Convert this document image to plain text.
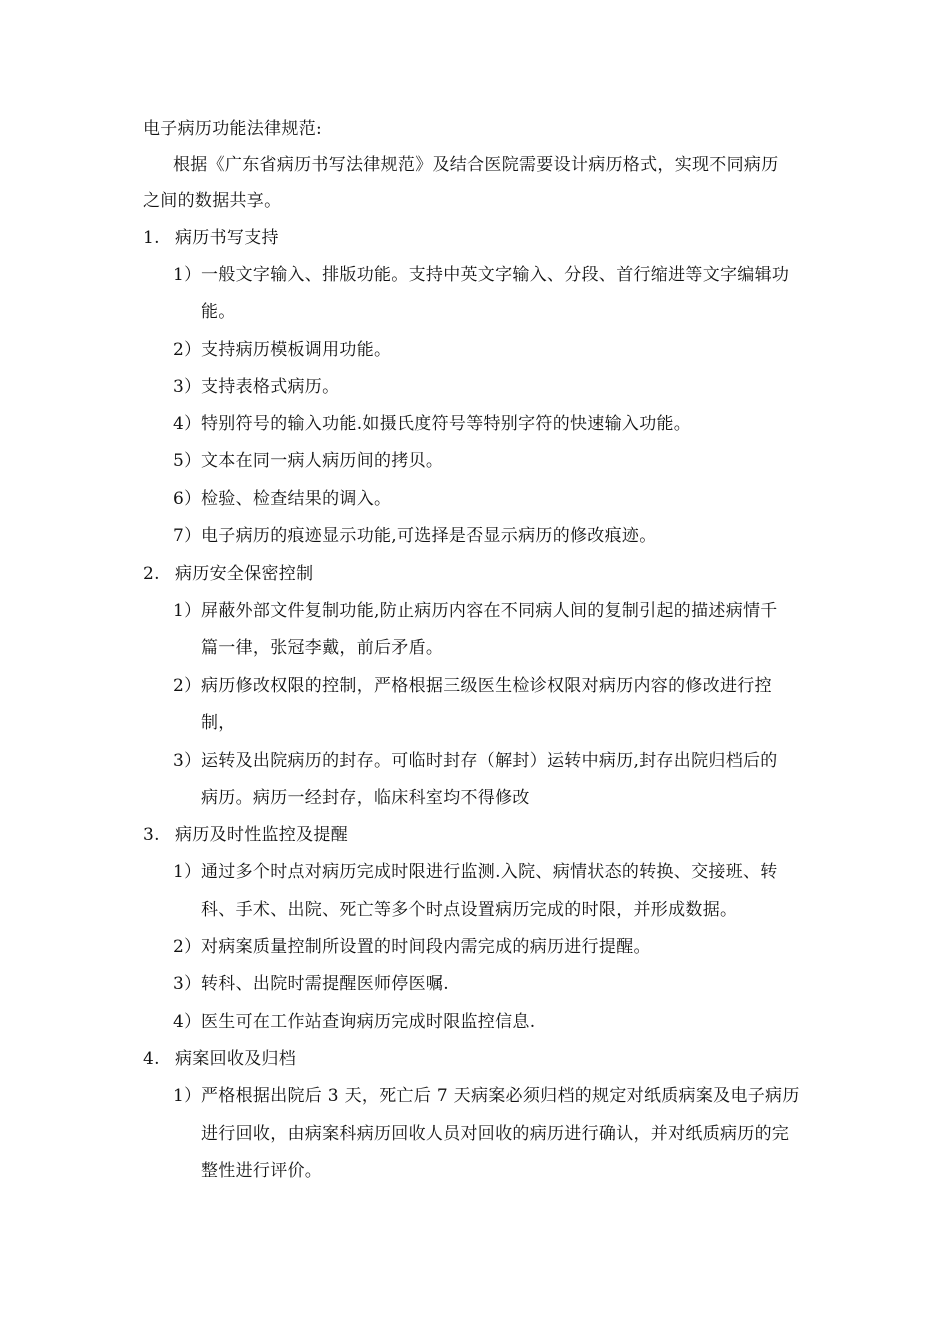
电子病历功能法律规范:
根据《广东省病历书写法律规范》及结合医院需要设计病历格式，实现不同病历
之间的数据共享。
1. 病历书写支持
1）一般文字输入、排版功能。支持中英文字输入、分段、首行缩进等文字编辑功
能。
2）支持病历模板调用功能。
3）支持表格式病历。
4）特别符号的输入功能.如摄氏度符号等特别字符的快速输入功能。
5）文本在同一病人病历间的拷贝。
6）检验、检查结果的调入。
7）电子病历的痕迹显示功能,可选择是否显示病历的修改痕迹。
2. 病历安全保密控制
1）屏蔽外部文件复制功能,防止病历内容在不同病人间的复制引起的描述病情千
篇一律，张冠李戴，前后矛盾。
2）病历修改权限的控制，严格根据三级医生检诊权限对病历内容的修改进行控
制，
3）运转及出院病历的封存。可临时封存（解封）运转中病历,封存出院归档后的
病历。病历一经封存，临床科室均不得修改
3. 病历及时性监控及提醒
1）通过多个时点对病历完成时限进行监测.入院、病情状态的转换、交接班、转
科、手术、出院、死亡等多个时点设置病历完成的时限，并形成数据。
2）对病案质量控制所设置的时间段内需完成的病历进行提醒。
3）转科、出院时需提醒医师停医嘱.
4）医生可在工作站查询病历完成时限监控信息.
4. 病案回收及归档
1）严格根据出院后 3 天，死亡后 7 天病案必须归档的规定对纸质病案及电子病历
进行回收，由病案科病历回收人员对回收的病历进行确认，并对纸质病历的完
整性进行评价。
